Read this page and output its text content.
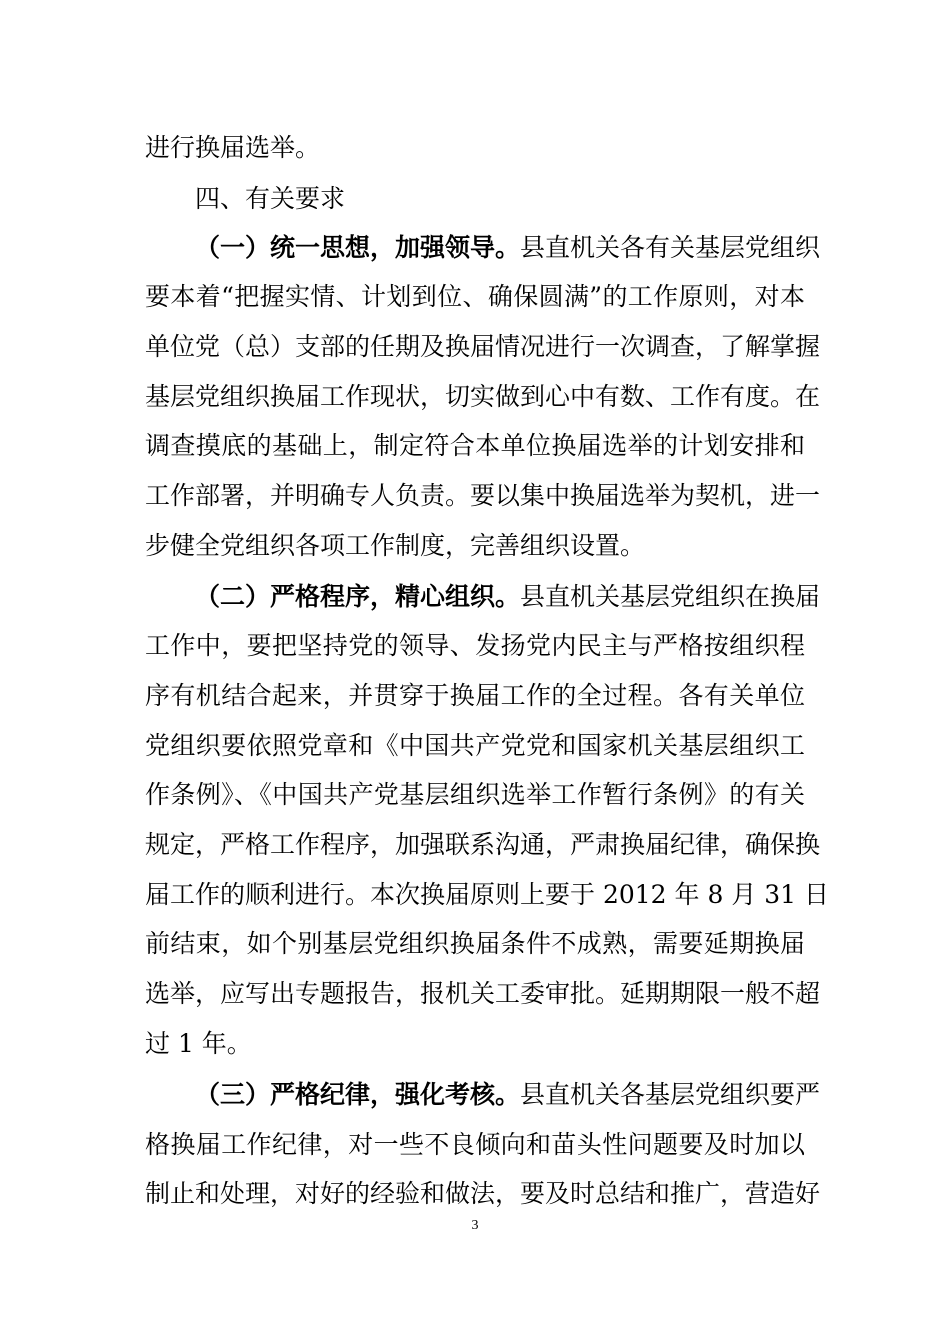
进行换届选举。
四、有关要求
（一）统一思想，加强领导。县直机关各有关基层党组织
要本着“把握实情、计划到位、确保圆满”的工作原则，对本
单位党（总）支部的任期及换届情况进行一次调查，了解掌握
基层党组织换届工作现状，切实做到心中有数、工作有度。在
调查摸底的基础上，制定符合本单位换届选举的计划安排和
工作部署，并明确专人负责。要以集中换届选举为契机，进一
步健全党组织各项工作制度，完善组织设置。
（二）严格程序，精心组织。县直机关基层党组织在换届
工作中，要把坚持党的领导、发扬党内民主与严格按组织程
序有机结合起来，并贯穿于换届工作的全过程。各有关单位
党组织要依照党章和《中国共产党党和国家机关基层组织工
作条例》、《中国共产党基层组织选举工作暂行条例》的有关
规定，严格工作程序，加强联系沟通，严肃换届纪律，确保换
届工作的顺利进行。本次换届原则上要于 2012 年 8 月 31 日
前结束，如个别基层党组织换届条件不成熟，需要延期换届
选举，应写出专题报告，报机关工委审批。延期期限一般不超
过 1 年。
（三）严格纪律，强化考核。县直机关各基层党组织要严
格换届工作纪律，对一些不良倾向和苗头性问题要及时加以
制止和处理，对好的经验和做法，要及时总结和推广，营造好
3
